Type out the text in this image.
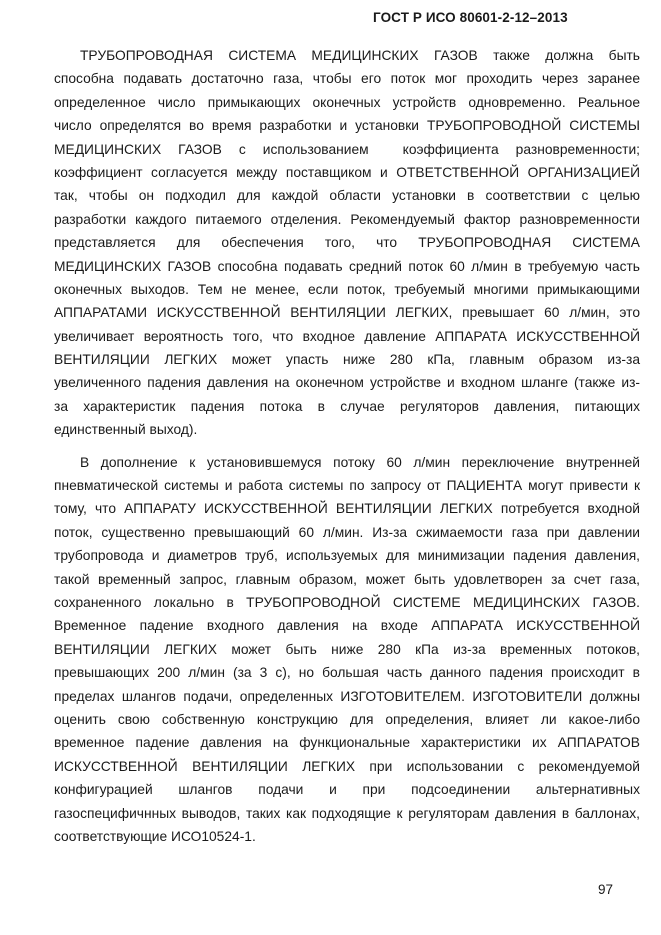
ГОСТ Р ИСО 80601-2-12–2013
ТРУБОПРОВОДНАЯ СИСТЕМА МЕДИЦИНСКИХ ГАЗОВ также должна быть
способна подавать достаточно газа, чтобы его поток мог проходить через заранее
определенное число примыкающих оконечных устройств одновременно. Реальное
число определятся во время разработки и установки ТРУБОПРОВОДНОЙ СИСТЕМЫ
МЕДИЦИНСКИХ ГАЗОВ с использованием  коэффициента разновременности;
коэффициент согласуется между поставщиком и ОТВЕТСТВЕННОЙ ОРГАНИЗАЦИЕЙ
так, чтобы он подходил для каждой области установки в соответствии с целью
разработки каждого питаемого отделения. Рекомендуемый фактор разновременности
представляется для обеспечения того, что ТРУБОПРОВОДНАЯ СИСТЕМА
МЕДИЦИНСКИХ ГАЗОВ способна подавать средний поток 60 л/мин в требуемую часть
оконечных выходов. Тем не менее, если поток, требуемый многими примыкающими
АППАРАТАМИ ИСКУССТВЕННОЙ ВЕНТИЛЯЦИИ ЛЕГКИХ, превышает 60 л/мин, это
увеличивает вероятность того, что входное давление АППАРАТА ИСКУССТВЕННОЙ
ВЕНТИЛЯЦИИ ЛЕГКИХ может упасть ниже 280 кПа, главным образом из-за
увеличенного падения давления на оконечном устройстве и входном шланге (также из-
за характеристик падения потока в случае регуляторов давления, питающих
единственный выход).
В дополнение к установившемуся потоку 60 л/мин переключение внутренней
пневматической системы и работа системы по запросу от ПАЦИЕНТА могут привести к
тому, что АППАРАТУ ИСКУССТВЕННОЙ ВЕНТИЛЯЦИИ ЛЕГКИХ потребуется входной
поток, существенно превышающий 60 л/мин. Из-за сжимаемости газа при давлении
трубопровода и диаметров труб, используемых для минимизации падения давления,
такой временный запрос, главным образом, может быть удовлетворен за счет газа,
сохраненного локально в ТРУБОПРОВОДНОЙ СИСТЕМЕ МЕДИЦИНСКИХ ГАЗОВ.
Временное падение входного давления на входе АППАРАТА ИСКУССТВЕННОЙ
ВЕНТИЛЯЦИИ ЛЕГКИХ может быть ниже 280 кПа из-за временных потоков,
превышающих 200 л/мин (за 3 с), но большая часть данного падения происходит в
пределах шлангов подачи, определенных ИЗГОТОВИТЕЛЕМ. ИЗГОТОВИТЕЛИ должны
оценить свою собственную конструкцию для определения, влияет ли какое-либо
временное падение давления на функциональные характеристики их АППАРАТОВ
ИСКУССТВЕННОЙ ВЕНТИЛЯЦИИ ЛЕГКИХ при использовании с рекомендуемой
конфигурацией шлангов подачи и при подсоединении альтернативных
газоспецифичнных выводов, таких как подходящие к регуляторам давления в баллонах,
соответствующие ИСО10524-1.
97
